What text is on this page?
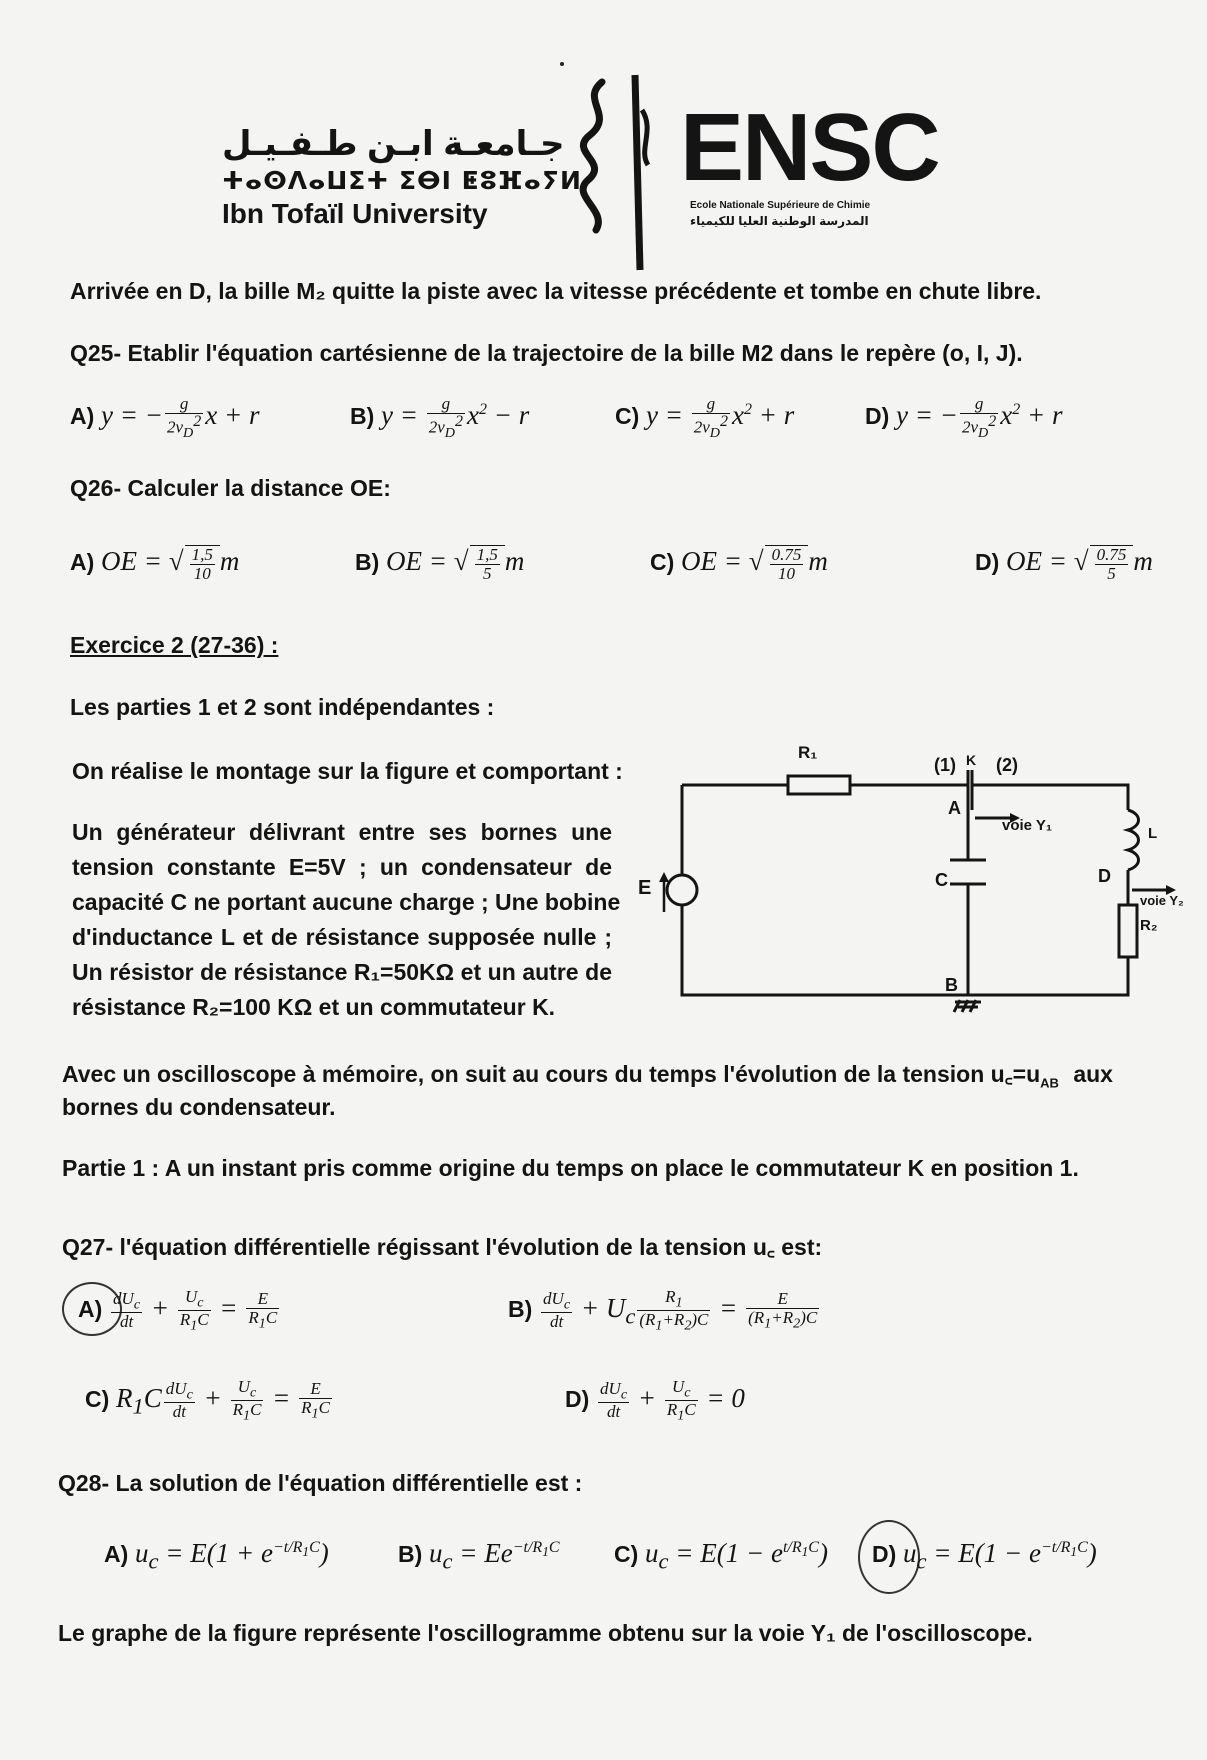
جـامعـة ابـن طـفـيـل
ⵜⴰⵙⴷⴰⵡⵉⵜ ⵉⴱⵏ ⵟⵓⴼⴰⵢⵍ
Ibn Tofaïl University
ENSC
Ecole Nationale Supérieure de Chimie
المدرسة الوطنية العليا للكيمياء
Arrivée en D, la bille M₂ quitte la piste avec la vitesse précédente et tombe en chute libre.
Q25- Etablir l'équation cartésienne de la trajectoire de la bille M2 dans le repère (o, I, J).
A) y = − $\frac{g}{2v_D^2}$ x + r	B) $y = \frac{g}{2v_D^2} x^2 - r$	C) $y = \frac{g}{2v_D^2} x^2 + r$	D) y = − $\frac{g}{2v_D^2} x^2 + r$
Q26- Calculer la distance OE:
A) OE = √ $\frac{1,5}{10}$ m	B) OE = √ $\frac{1,5}{5}$ m	C) OE = √ $\frac{0.75}{10}$ m	D) OE = √ $\frac{0.75}{5}$ m
Exercice 2 (27-36) :
Les parties 1 et 2 sont indépendantes :
On réalise le montage sur la figure et comportant :
Un générateur délivrant entre ses bornes une
tension constante E=5V ; un condensateur de
capacité C ne portant aucune charge ; Une bobine
d'inductance L et de résistance supposée nulle ;
Un résistor de résistance R₁=50KΩ et un autre de
résistance R₂=100 KΩ et un commutateur K.
R₁
(1) K (2)
A
C
B
D
E
L
R₂
voie Y₁
voie Y₂
Avec un oscilloscope à mémoire, on suit au cours du temps l'évolution de la tension $u꜀=u_{AB}$ aux
bornes du condensateur.
Partie 1 : A un instant pris comme origine du temps on place le commutateur K en position 1.
Q27- l'équation différentielle régissant l'évolution de la tension u꜀ est:
A) $dU_c$
dt + $\frac{U_c}{R_1C} = \frac{E}{R_1C}$	B) $dU_c$
dt + $U_c \frac{R_1}{(R_1+R_2)C} = \frac{E}{(R_1+R_2)C}$
C) $R_1C$ $dU_c$
dt + $\frac{U_c}{R_1C} = \frac{E}{R_1C}$	D) $dU_c$
dt + $\frac{U_c}{R_1C} = 0$
Q28- La solution de l'équation différentielle est :
A) $u_c = E(1 + e^{-t/R_1C})$	B) $u_c = Ee^{-t/R_1C}$ C) $u_c = E(1 - e^{t/R_1C})$ D) $u_c = E(1 - e^{-t/R_1C})$
Le graphe de la figure représente l'oscillogramme obtenu sur la voie Y₁ de l'oscilloscope.
